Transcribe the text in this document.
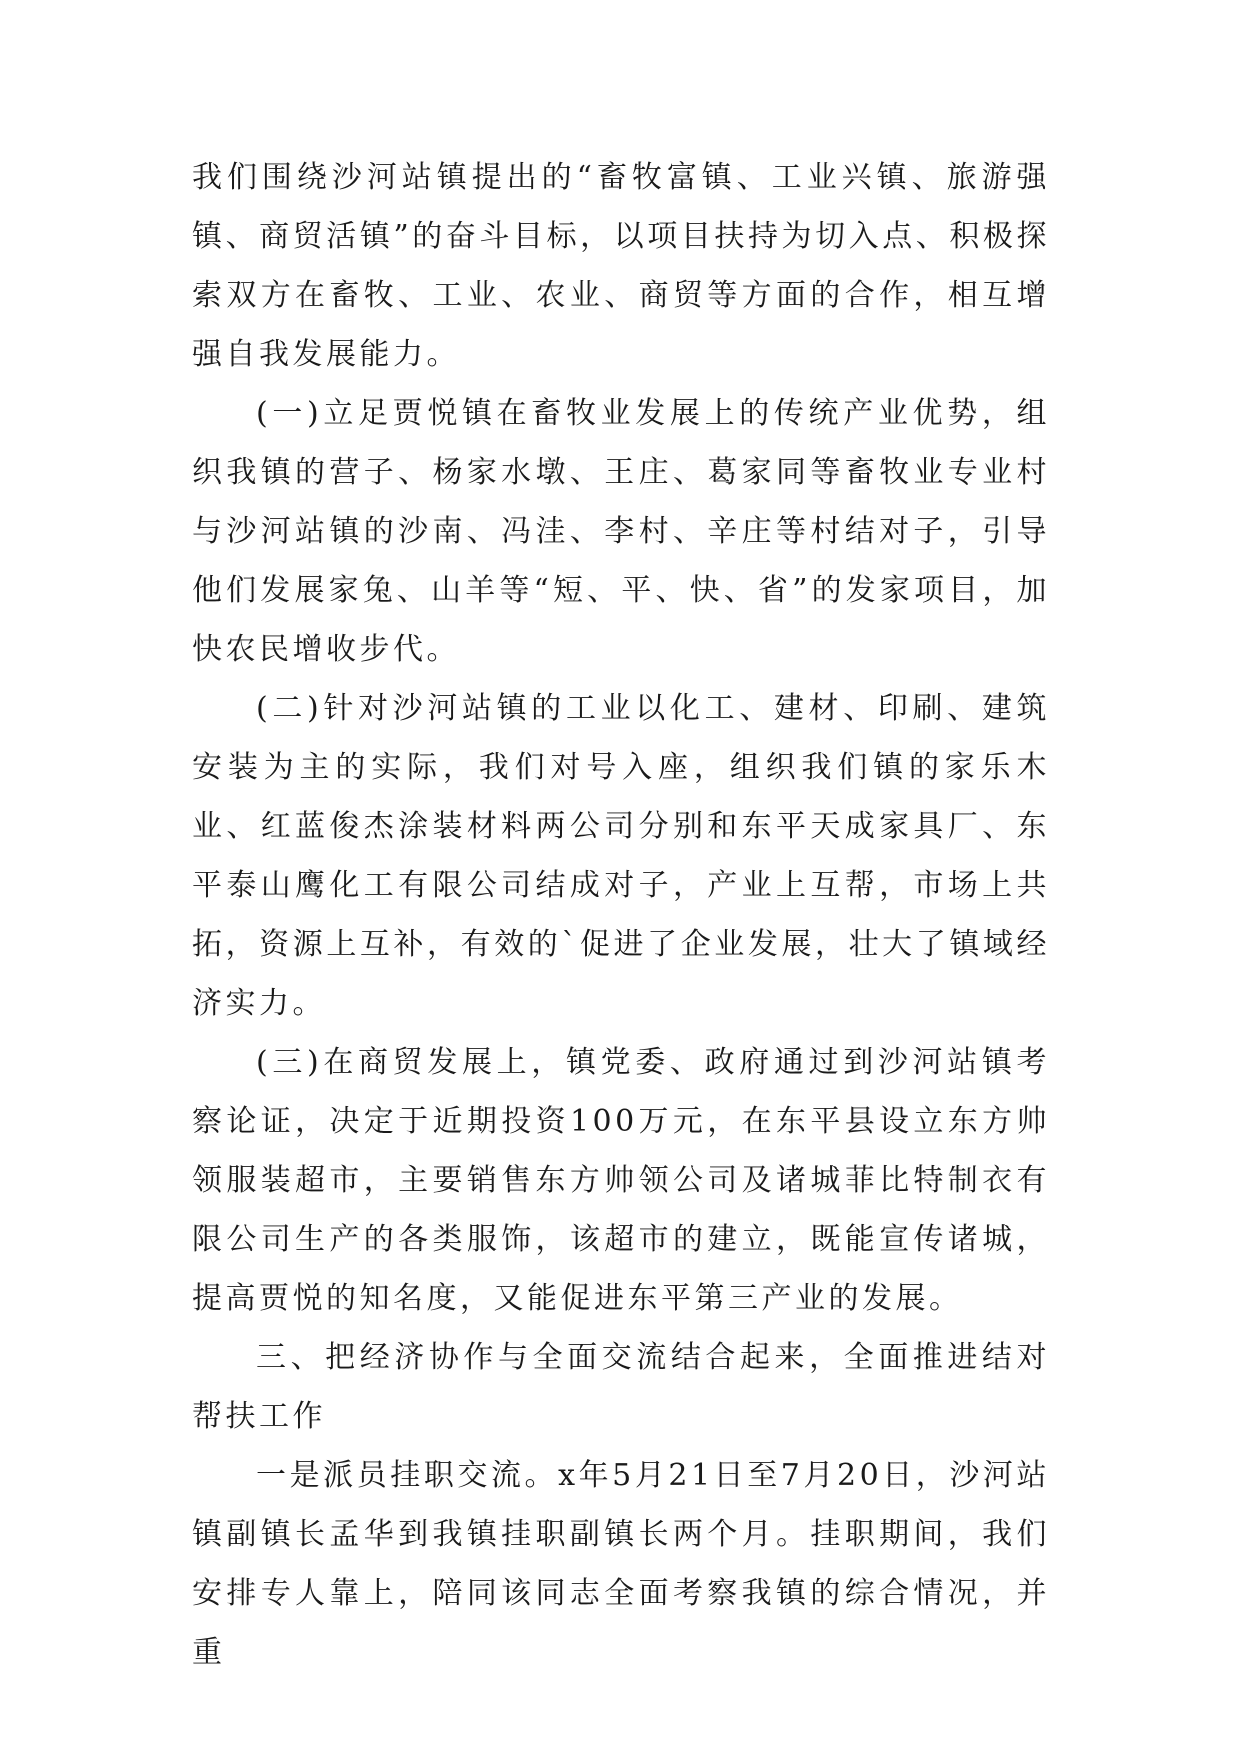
我们围绕沙河站镇提出的“畜牧富镇、工业兴镇、旅游强镇、商贸活镇”的奋斗目标，以项目扶持为切入点、积极探索双方在畜牧、工业、农业、商贸等方面的合作，相互增强自我发展能力。

(一)立足贾悦镇在畜牧业发展上的传统产业优势，组织我镇的营子、杨家水墩、王庄、葛家同等畜牧业专业村与沙河站镇的沙南、冯洼、李村、辛庄等村结对子，引导他们发展家兔、山羊等“短、平、快、省”的发家项目，加快农民增收步代。

(二)针对沙河站镇的工业以化工、建材、印刷、建筑安装为主的实际，我们对号入座，组织我们镇的家乐木业、红蓝俊杰涂装材料两公司分别和东平天成家具厂、东平泰山鹰化工有限公司结成对子，产业上互帮，市场上共拓，资源上互补，有效的`促进了企业发展，壮大了镇域经济实力。

(三)在商贸发展上，镇党委、政府通过到沙河站镇考察论证，决定于近期投资100万元，在东平县设立东方帅领服装超市，主要销售东方帅领公司及诸城菲比特制衣有限公司生产的各类服饰，该超市的建立，既能宣传诸城，提高贾悦的知名度，又能促进东平第三产业的发展。

三、把经济协作与全面交流结合起来，全面推进结对帮扶工作

一是派员挂职交流。x年5月21日至7月20日，沙河站镇副镇长孟华到我镇挂职副镇长两个月。挂职期间，我们安排专人靠上，陪同该同志全面考察我镇的综合情况，并重
